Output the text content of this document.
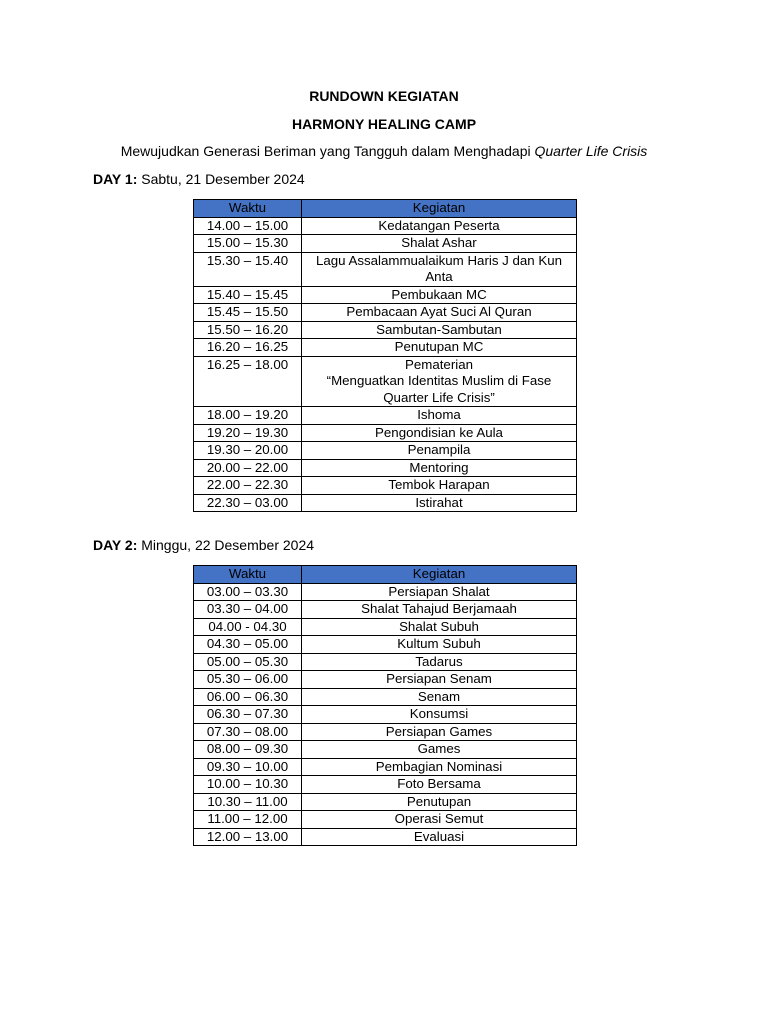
RUNDOWN KEGIATAN
HARMONY HEALING CAMP
Mewujudkan Generasi Beriman yang Tangguh dalam Menghadapi Quarter Life Crisis
DAY 1: Sabtu, 21 Desember 2024
Waktu	Kegiatan
14.00 – 15.00	Kedatangan Peserta

15.00 – 15.30	Shalat Ashar

15.30 – 15.40	Lagu Assalammualaikum Haris J dan Kun
Anta

15.40 – 15.45	Pembukaan MC

15.45 – 15.50	Pembacaan Ayat Suci Al Quran

15.50 – 16.20	Sambutan-Sambutan

16.20 – 16.25	Penutupan MC

16.25 – 18.00	Pematerian
“Menguatkan Identitas Muslim di Fase
Quarter Life Crisis”

18.00 – 19.20	Ishoma

19.20 – 19.30	Pengondisian ke Aula

19.30 – 20.00	Penampila

20.00 – 22.00	Mentoring

22.00 – 22.30	Tembok Harapan

22.30 – 03.00	Istirahat
DAY 2: Minggu, 22 Desember 2024
Waktu	Kegiatan
03.00 – 03.30	Persiapan Shalat

03.30 – 04.00	Shalat Tahajud Berjamaah

04.00 - 04.30	Shalat Subuh

04.30 – 05.00	Kultum Subuh

05.00 – 05.30	Tadarus

05.30 – 06.00	Persiapan Senam

06.00 – 06.30	Senam

06.30 – 07.30	Konsumsi

07.30 – 08.00	Persiapan Games

08.00 – 09.30	Games

09.30 – 10.00	Pembagian Nominasi

10.00 – 10.30	Foto Bersama

10.30 – 11.00	Penutupan

11.00 – 12.00	Operasi Semut

12.00 – 13.00	Evaluasi
